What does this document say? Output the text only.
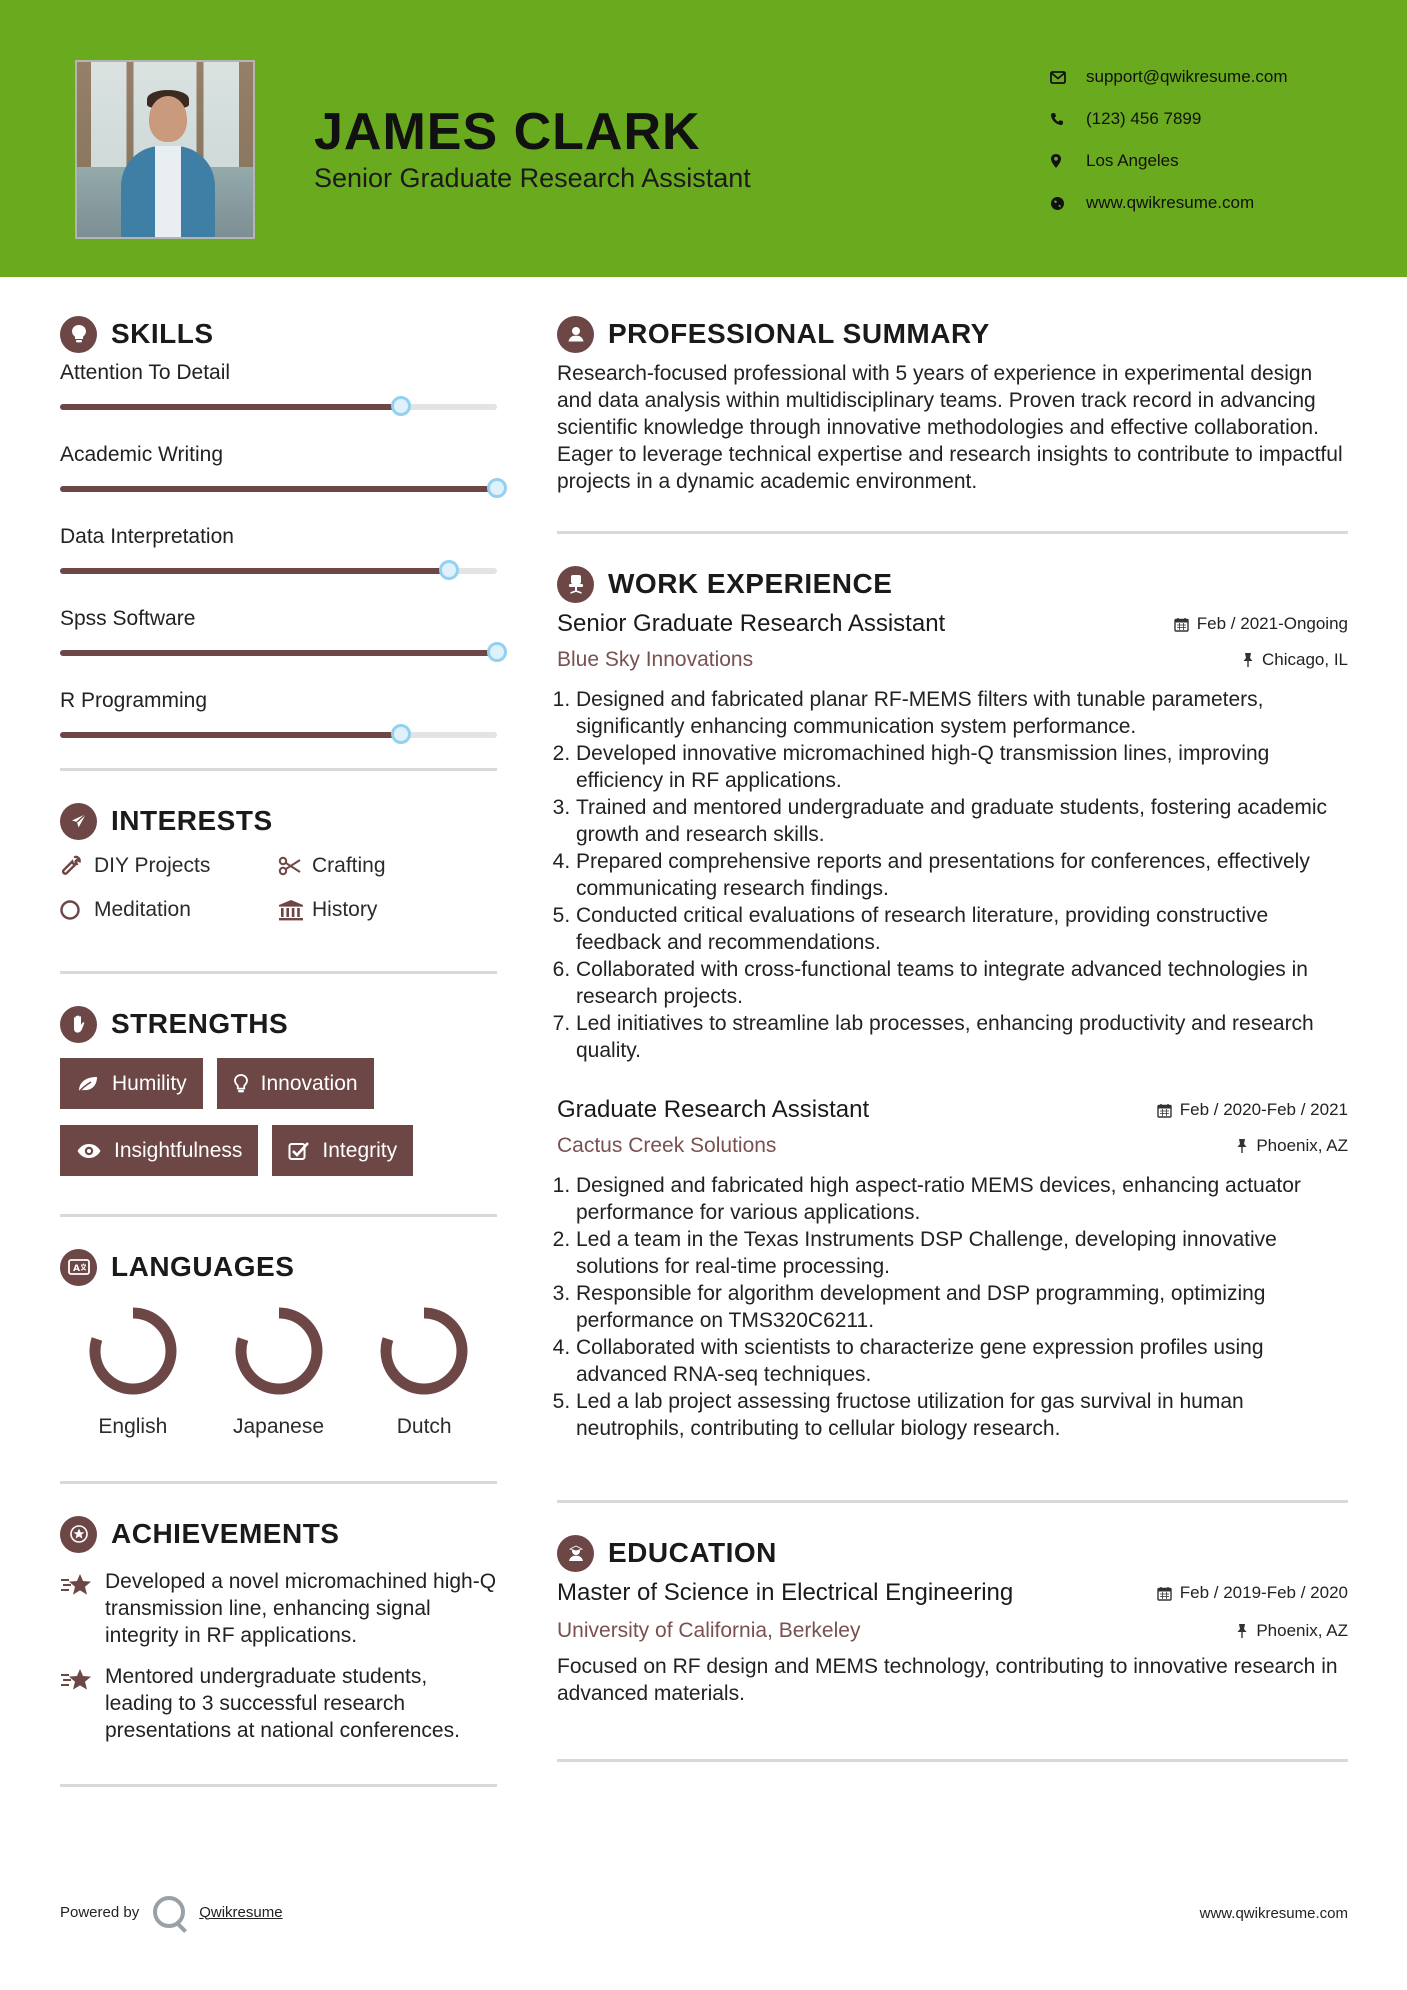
JAMES CLARK
Senior Graduate Research Assistant
support@qwikresume.com
(123) 456 7899
Los Angeles
www.qwikresume.com
SKILLS
Attention To Detail
Academic Writing
Data Interpretation
Spss Software
R Programming
INTERESTS
DIY Projects	Crafting
Meditation	History
STRENGTHS
Humility	Innovation
Insightfulness	Integrity
A LANGUAGES
English	Japanese	Dutch
ACHIEVEMENTS
Developed a novel micromachined high-Q transmission line, enhancing signal integrity in RF applications.
Mentored undergraduate students, leading to 3 successful research presentations at national conferences.
PROFESSIONAL SUMMARY

Research-focused professional with 5 years of experience in experimental design and data analysis within multidisciplinary teams. Proven track record in advancing scientific knowledge through innovative methodologies and effective collaboration. Eager to leverage technical expertise and research insights to contribute to impactful projects in a dynamic academic environment.

WORK EXPERIENCE
Senior Graduate Research Assistant	Feb / 2021-Ongoing
Blue Sky Innovations	Chicago, IL
1. Designed and fabricated planar RF-MEMS filters with tunable parameters, significantly enhancing communication system performance.
2. Developed innovative micromachined high-Q transmission lines, improving efficiency in RF applications.
3. Trained and mentored undergraduate and graduate students, fostering academic growth and research skills.
4. Prepared comprehensive reports and presentations for conferences, effectively communicating research findings.
5. Conducted critical evaluations of research literature, providing constructive feedback and recommendations.
6. Collaborated with cross-functional teams to integrate advanced technologies in research projects.
7. Led initiatives to streamline lab processes, enhancing productivity and research quality.
Graduate Research Assistant	Feb / 2020-Feb / 2021
Cactus Creek Solutions	Phoenix, AZ
1. Designed and fabricated high aspect-ratio MEMS devices, enhancing actuator performance for various applications.
2. Led a team in the Texas Instruments DSP Challenge, developing innovative solutions for real-time processing.
3. Responsible for algorithm development and DSP programming, optimizing performance on TMS320C6211.
4. Collaborated with scientists to characterize gene expression profiles using advanced RNA-seq techniques.
5. Led a lab project assessing fructose utilization for gas survival in human neutrophils, contributing to cellular biology research.
EDUCATION
Master of Science in Electrical Engineering	Feb / 2019-Feb / 2020
University of California, Berkeley	Phoenix, AZ

Focused on RF design and MEMS technology, contributing to innovative research in advanced materials.

Powered by	Qwikresume	www.qwikresume.com
